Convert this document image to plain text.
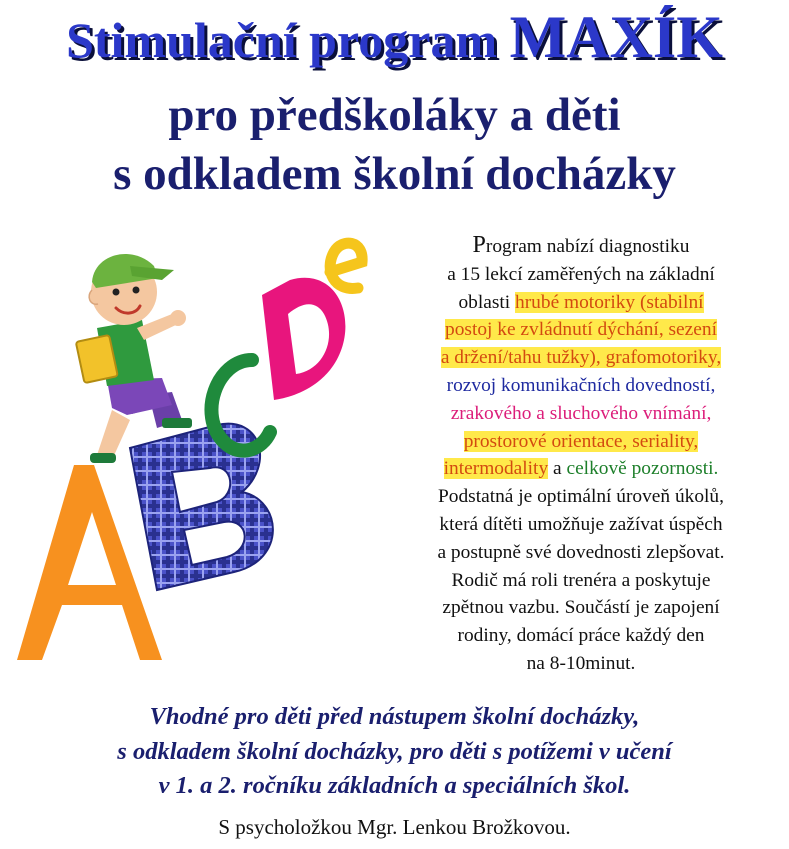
Stimulační program MAXÍK
pro předškoláky a děti
s odkladem školní docházky
Program nabízí diagnostiku
a 15 lekcí zaměřených na základní
oblasti hrubé motoriky (stabilní
postoj ke zvládnutí dýchání, sezení
a držení/tahu tužky), grafomotoriky,
rozvoj komunikačních dovedností,
zrakového a sluchového vnímání,
prostorové orientace, seriality,
intermodality a celkově pozornosti.
Podstatná je optimální úroveň úkolů,
která dítěti umožňuje zažívat úspěch
a postupně své dovednosti zlepšovat.
Rodič má roli trenéra a poskytuje
zpětnou vazbu. Součástí je zapojení
rodiny, domácí práce každý den
na 8-10minut.
Vhodné pro děti před nástupem školní docházky,
s odkladem školní docházky, pro děti s potížemi v učení
v 1. a 2. ročníku základních a speciálních škol.
S psycholožkou Mgr. Lenkou Brožkovou.
